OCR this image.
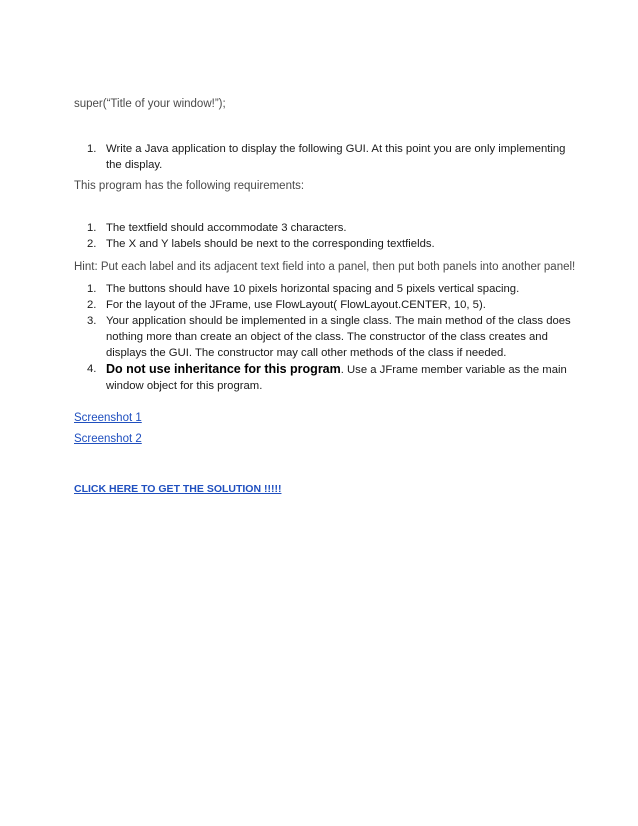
super(“Title of your window!”);
1. Write a Java application to display the following GUI. At this point you are only implementing the display.
This program has the following requirements:
1. The textfield should accommodate 3 characters.
2. The X and Y labels should be next to the corresponding textfields.
Hint: Put each label and its adjacent text field into a panel, then put both panels into another panel!
1. The buttons should have 10 pixels horizontal spacing and 5 pixels vertical spacing.
2. For the layout of the JFrame, use FlowLayout( FlowLayout.CENTER, 10, 5).
3. Your application should be implemented in a single class. The main method of the class does nothing more than create an object of the class. The constructor of the class creates and displays the GUI. The constructor may call other methods of the class if needed.
4. Do not use inheritance for this program. Use a JFrame member variable as the main window object for this program.
Screenshot 1
Screenshot 2
CLICK HERE TO GET THE SOLUTION !!!!!
